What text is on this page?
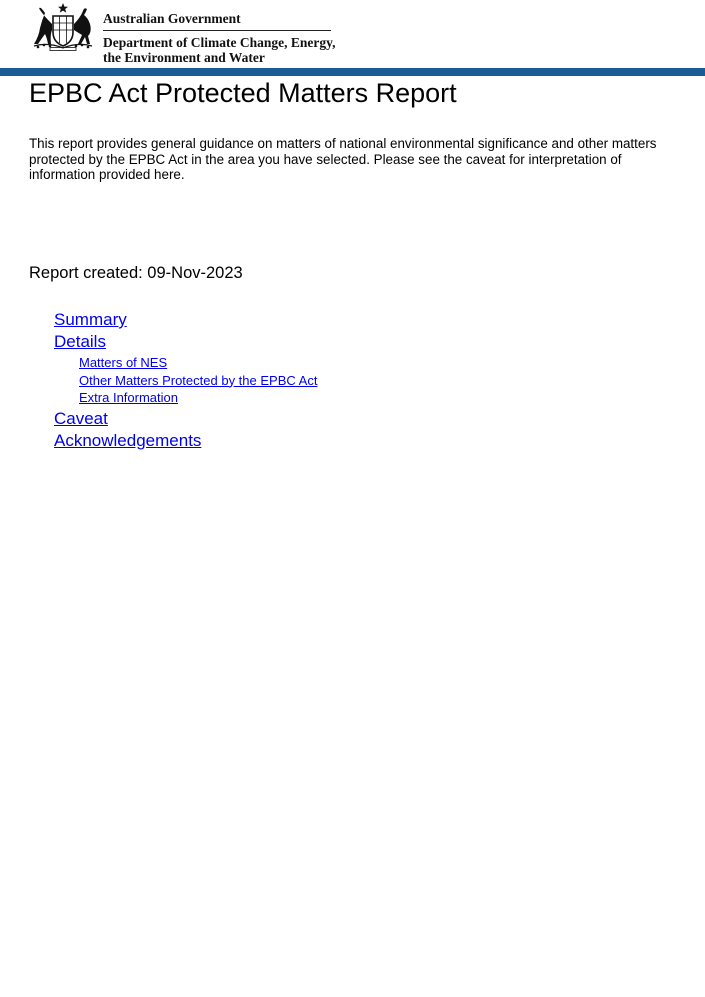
Australian Government

Department of Climate Change, Energy,

the Environment and Water

EPBC Act Protected Matters Report

This report provides general guidance on matters of national environmental significance and other matters protected by the EPBC Act in the area you have selected. Please see the caveat for interpretation of information provided here.

Report created: 09-Nov-2023

Summary
Details
Matters of NES
Other Matters Protected by the EPBC Act
Extra Information
Caveat
Acknowledgements
